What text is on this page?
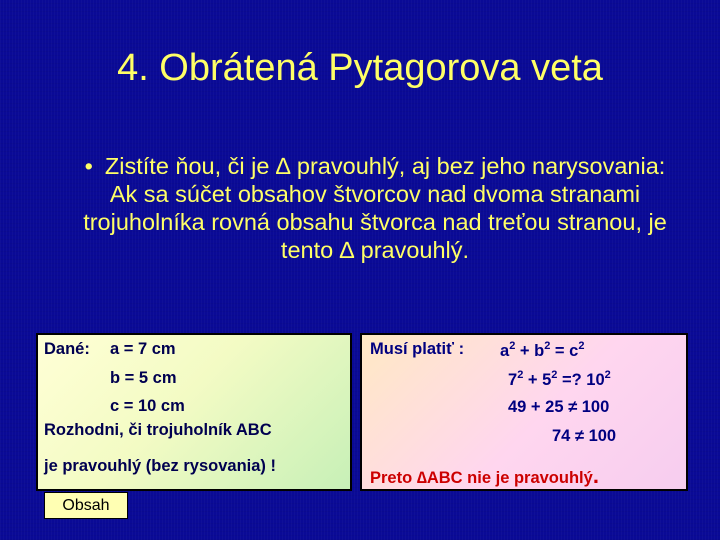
4. Obrátená Pytagorova veta
• Zistíte ňou, či je ∆ pravouhlý, aj bez jeho narysovania:
Ak sa súčet obsahov štvorcov nad dvoma stranami trojuholníka rovná obsahu štvorca nad treťou stranou, je tento ∆ pravouhlý.
Dané: a = 7 cm
b = 5 cm
c = 10 cm
Rozhodni, či trojuholník ABC
je pravouhlý (bez rysovania) !
Musí platiť : $a^2 + b^2 = c^2$
$7^2 + 5^2$ =? $10^2$
49 + 25 ≠ 100
74 ≠ 100
Preto ∆ABC nie je pravouhlý.
Obsah
